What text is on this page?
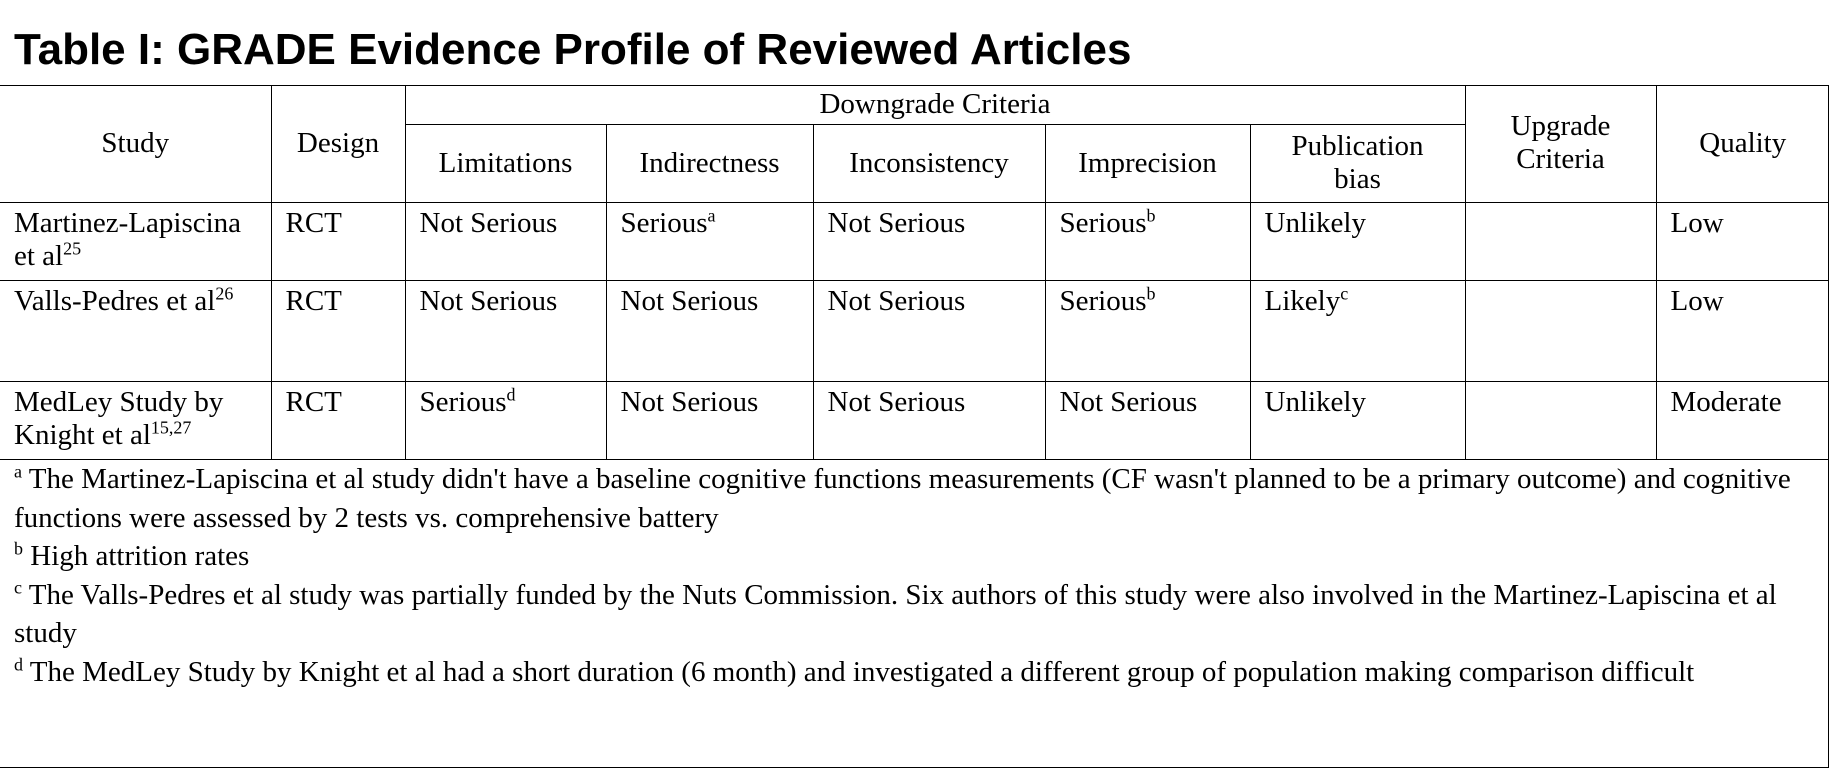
Table I: GRADE Evidence Profile of Reviewed Articles
Study	Design	Downgrade Criteria					Upgrade Criteria	Quality
		Limitations	Indirectness	Inconsistency	Imprecision	Publication bias		
Martinez-Lapiscina et $al^{25}$	RCT	Not Serious	Serious$^a$	Not Serious	Serious$^b$	Unlikely		Low
Valls-Pedres et $al^{26}$	RCT	Not Serious	Not Serious	Not Serious	Serious$^b$	Likely$^c$		Low
MedLey Study by Knight et al$^{15,27}$	RCT	Serious$^d$	Not Serious	Not Serious	Not Serious	Unlikely		Moderate

$^a$ The Martinez-Lapiscina et al study didn't have a baseline cognitive functions measurements (CF wasn't planned to be a primary outcome) and cognitive functions were assessed by 2 tests vs. comprehensive battery

$^b$ High attrition rates

$^c$ The Valls-Pedres et al study was partially funded by the Nuts Commission. Six authors of this study were also involved in the Martinez-Lapiscina et al study

$^d$ The MedLey Study by Knight et al had a short duration (6 month) and investigated a different group of population making comparison difficult
